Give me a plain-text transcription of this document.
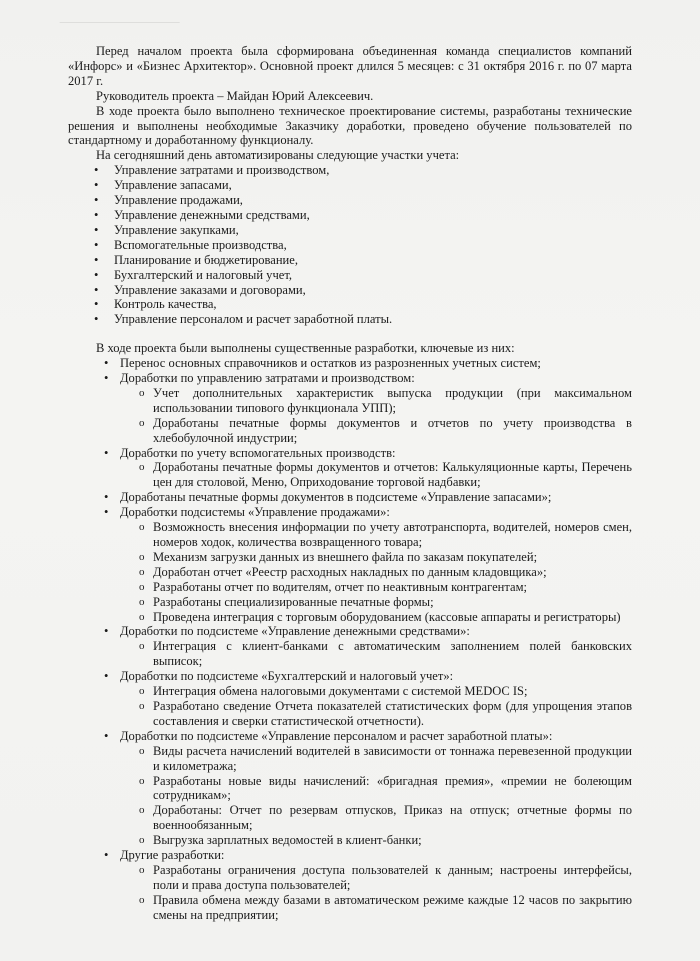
Перед началом проекта была сформирована объединенная команда специалистов компаний «Инфорс» и «Бизнес Архитектор». Основной проект длился 5 месяцев: с 31 октября 2016 г. по 07 марта 2017 г.

Руководитель проекта – Майдан Юрий Алексеевич.

В ходе проекта было выполнено техническое проектирование системы, разработаны технические решения и выполнены необходимые Заказчику доработки, проведено обучение пользователей по стандартному и доработанному функционалу.

На сегодняшний день автоматизированы следующие участки учета:

• Управление затратами и производством,
• Управление запасами,
• Управление продажами,
• Управление денежными средствами,
• Управление закупками,
• Вспомогательные производства,
• Планирование и бюджетирование,
• Бухгалтерский и налоговый учет,
• Управление заказами и договорами,
• Контроль качества,
• Управление персоналом и расчет заработной платы.

В ходе проекта были выполнены существенные разработки, ключевые из них:

• Перенос основных справочников и остатков из разрозненных учетных систем;
• Доработки по управлению затратами и производством:
o Учет дополнительных характеристик выпуска продукции (при максимальном использовании типового функционала УПП);
o Доработаны печатные формы документов и отчетов по учету производства в хлебобулочной индустрии;
• Доработки по учету вспомогательных производств:
o Доработаны печатные формы документов и отчетов: Калькуляционные карты, Перечень цен для столовой, Меню, Оприходование торговой надбавки;
• Доработаны печатные формы документов в подсистеме «Управление запасами»;
• Доработки подсистемы «Управление продажами»:
o Возможность внесения информации по учету автотранспорта, водителей, номеров смен, номеров ходок, количества возвращенного товара;
o Механизм загрузки данных из внешнего файла по заказам покупателей;
o Доработан отчет «Реестр расходных накладных по данным кладовщика»;
o Разработаны отчет по водителям, отчет по неактивным контрагентам;
o Разработаны специализированные печатные формы;
o Проведена интеграция с торговым оборудованием (кассовые аппараты и регистраторы)
• Доработки по подсистеме «Управление денежными средствами»:
o Интеграция с клиент-банками с автоматическим заполнением полей банковских выписок;
• Доработки по подсистеме «Бухгалтерский и налоговый учет»:
o Интеграция обмена налоговыми документами с системой MEDOC IS;
o Разработано сведение Отчета показателей статистических форм (для упрощения этапов составления и сверки статистической отчетности).
• Доработки по подсистеме «Управление персоналом и расчет заработной платы»:
o Виды расчета начислений водителей в зависимости от тоннажа перевезенной продукции и километража;
o Разработаны новые виды начислений: «бригадная премия», «премии не болеющим сотрудникам»;
o Доработаны: Отчет по резервам отпусков, Приказ на отпуск; отчетные формы по военнообязанным;
o Выгрузка зарплатных ведомостей в клиент-банки;
• Другие разработки:
o Разработаны ограничения доступа пользователей к данным; настроены интерфейсы, поли и права доступа пользователей;
o Правила обмена между базами в автоматическом режиме каждые 12 часов по закрытию смены на предприятии;
